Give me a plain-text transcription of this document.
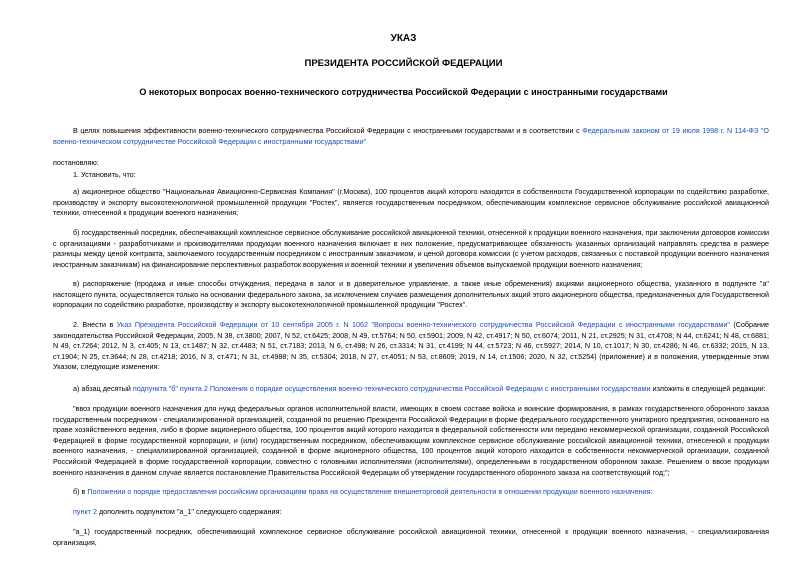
УКАЗ

ПРЕЗИДЕНТА РОССИЙСКОЙ ФЕДЕРАЦИИ

О некоторых вопросах военно-технического сотрудничества Российской Федерации с иностранными государствами

В целях повышения эффективности военно-технического сотрудничества Российской Федерации с иностранными государствами и в соответствии с Федеральным законом от 19 июля 1998 г. N 114-ФЗ "О военно-техническом сотрудничестве Российской Федерации с иностранными государствами"

постановляю:

1. Установить, что:

а) акционерное общество "Национальная Авиационно-Сервисная Компания" (г.Москва), 100 процентов акций которого находится в собственности Государственной корпорации по содействию разработке, производству и экспорту высокотехнологичной промышленной продукции "Ростех", является государственным посредником, обеспечивающим комплексное сервисное обслуживание российской авиационной техники, отнесенной к продукции военного назначения;

б) государственный посредник, обеспечивающий комплексное сервисное обслуживание российской авиационной техники, отнесенной к продукции военного назначения, при заключении договоров комиссии с организациями - разработчиками и производителями продукции военного назначения включает в них положение, предусматривающее обязанность указанных организаций направлять средства в размере разницы между ценой контракта, заключаемого государственным посредником с иностранным заказчиком, и ценой договора комиссии (с учетом расходов, связанных с поставкой продукции военного назначения иностранным заказчикам) на финансирование перспективных разработок вооружения и военной техники и увеличения объемов выпускаемой продукции военного назначения;

в) распоряжение (продажа и иные способы отчуждения, передача в залог и в доверительное управление, а также иные обременения) акциями акционерного общества, указанного в подпункте "а" настоящего пункта, осуществляется только на основании федерального закона, за исключением случаев размещения дополнительных акций этого акционерного общества, предназначенных для Государственной корпорации по содействию разработке, производству и экспорту высокотехнологичной промышленной продукции "Ростех".

2. Внести в Указ Президента Российской Федерации от 10 сентября 2005 г. N 1062 "Вопросы военно-технического сотрудничества Российской Федерации с иностранными государствами" (Собрание законодательства Российской Федерации, 2005, N 38, ст.3800; 2007, N 52, ст.6425; 2008, N 49, ст.5764; N 50, ст.5901; 2009, N 42, ст.4917; N 50, ст.6074; 2011, N 21, ст.2925; N 31, ст.4708; N 44, ст.6241; N 48, ст.6881; N 49, ст.7264; 2012, N 3, ст.405; N 13, ст.1487; N 32, ст.4483; N 51, ст.7183; 2013, N 6, ст.498; N 26, ст.3314; N 31, ст.4199; N 44, ст.5723; N 46, ст.5927; 2014, N 10, ст.1017; N 30, ст.4286; N 46, ст.6332; 2015, N 13, ст.1904; N 25, ст.3644; N 28, ст.4218; 2016, N 3, ст.471; N 31, ст.4988; N 35, ст.5304; 2018, N 27, ст.4051; N 53, ст.8609; 2019, N 14, ст.1506; 2020, N 32, ст.5254) (приложение) и в положения, утвержденные этим Указом, следующие изменения:

а) абзац десятый подпункта "б" пункта 2 Положения о порядке осуществления военно-технического сотрудничества Российской Федерации с иностранными государствами изложить в следующей редакции:

"ввоз продукции военного назначения для нужд федеральных органов исполнительной власти, имеющих в своем составе войска и воинские формирования, в рамках государственного оборонного заказа государственным посредником - специализированной организацией, созданной по решению Президента Российской Федерации в форме федерального государственного унитарного предприятия, основанного на праве хозяйственного ведения, либо в форме акционерного общества, 100 процентов акций которого находится в федеральной собственности или передано некоммерческой организации, созданной Российской Федерацией в форме государственной корпорации, и (или) государственным посредником, обеспечивающим комплексное сервисное обслуживание российской авиационной техники, отнесенной к продукции военного назначения, - специализированной организацией, созданной в форме акционерного общества, 100 процентов акций которого находится в собственности некоммерческой организации, созданной Российской Федерацией в форме государственной корпорации, совместно с головными исполнителями (исполнителями), определенными в государственном оборонном заказе. Решением о ввозе продукции военного назначения в данном случае является постановление Правительства Российской Федерации об утверждении государственного оборонного заказа на соответствующий год;";

б) в Положении о порядке предоставления российским организациям права на осуществление внешнеторговой деятельности в отношении продукции военного назначения:

пункт 2 дополнить подпунктом "а_1" следующего содержания:

"а_1) государственный посредник, обеспечивающий комплексное сервисное обслуживание российской авиационной техники, отнесенной к продукции военного назначения, - специализированная организация,
